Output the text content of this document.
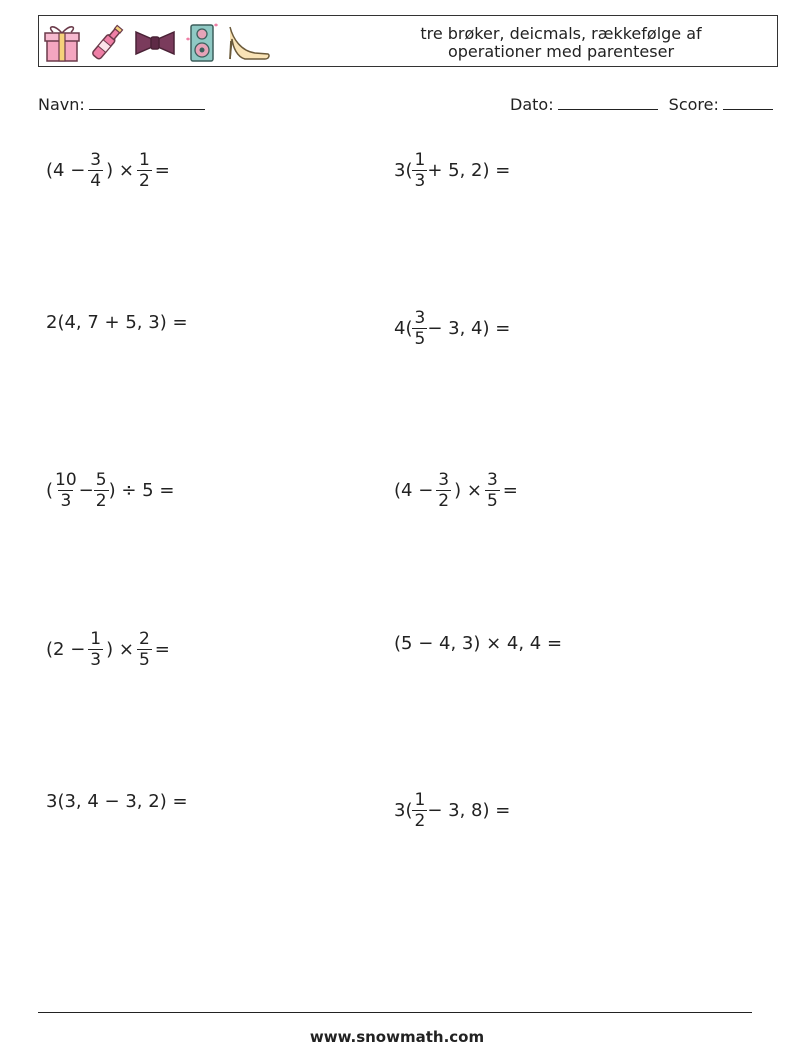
tre brøker, deicmals, rækkefølge af
operationer med parenteser
Navn:	Dato:	Score:
($4 - \frac{3}{4}$ ) × $\frac{1}{2}$ =	$3( \frac{1}{3} + 5$, 2) =
2(4, 7 + 5, 3) =	$4( \frac{3}{5} - 3$, 4) =
( $\frac{10}{3} - \frac{5}{2}$ ) ÷ 5 =	($4 - \frac{3}{2}$ ) × $\frac{3}{5}$ =
($2 - \frac{1}{3}$ ) × $\frac{2}{5}$ =	(5 − 4, 3) × 4, 4 =
3(3, 4 − 3, 2) =	$3( \frac{1}{2} - 3$, 8) =
www.snowmath.com
